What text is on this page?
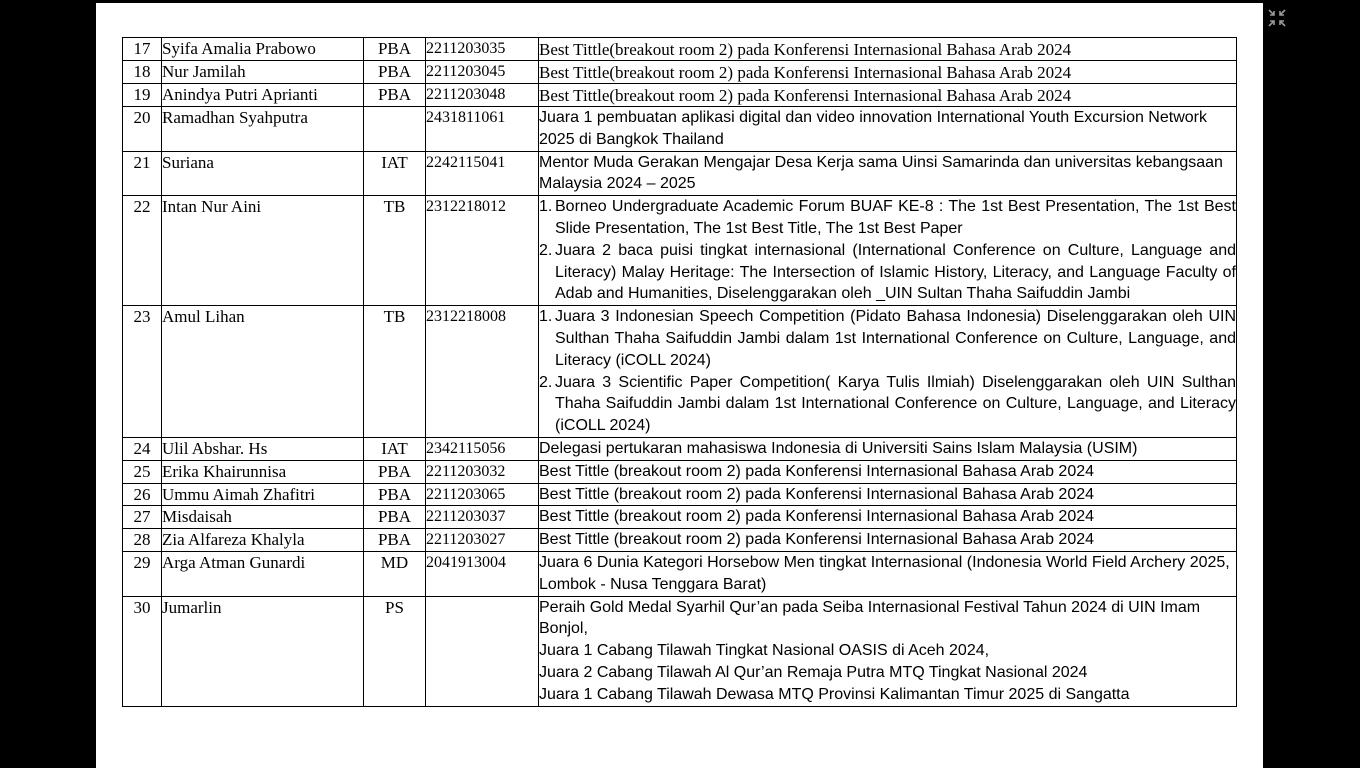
17	Syifa Amalia Prabowo	PBA	2211203035	Best Tittle(breakout room 2) pada Konferensi Internasional Bahasa Arab 2024

18	Nur Jamilah	PBA	2211203045	Best Tittle(breakout room 2) pada Konferensi Internasional Bahasa Arab 2024

19	Anindya Putri Aprianti	PBA	2211203048	Best Tittle(breakout room 2) pada Konferensi Internasional Bahasa Arab 2024

20	Ramadhan Syahputra		2431811061	Juara 1 pembuatan aplikasi digital dan video innovation International Youth Excursion Network 2025 di Bangkok Thailand

21	Suriana	IAT	2242115041	Mentor Muda Gerakan Mengajar Desa Kerja sama Uinsi Samarinda dan universitas kebangsaan Malaysia 2024 – 2025

22	Intan Nur Aini	TB	2312218012	1. Borneo Undergraduate Academic Forum BUAF KE-8 : The 1st Best Presentation, The 1st Best Slide Presentation, The 1st Best Title, The 1st Best Paper
2. Juara 2 baca puisi tingkat internasional (International Conference on Culture, Language and Literacy) Malay Heritage: The Intersection of Islamic History, Literacy, and Language Faculty of Adab and Humanities, Diselenggarakan oleh _UIN Sultan Thaha Saifuddin Jambi

23	Amul Lihan	TB	2312218008	1. Juara 3 Indonesian Speech Competition (Pidato Bahasa Indonesia) Diselenggarakan oleh UIN Sulthan Thaha Saifuddin Jambi dalam 1st International Conference on Culture, Language, and Literacy (iCOLL 2024)
2. Juara 3 Scientific Paper Competition( Karya Tulis Ilmiah) Diselenggarakan oleh UIN Sulthan Thaha Saifuddin Jambi dalam 1st International Conference on Culture, Language, and Literacy (iCOLL 2024)

24	Ulil Abshar. Hs	IAT	2342115056	Delegasi pertukaran mahasiswa Indonesia di Universiti Sains Islam Malaysia (USIM)

25	Erika Khairunnisa	PBA	2211203032	Best Tittle (breakout room 2) pada Konferensi Internasional Bahasa Arab 2024

26	Ummu Aimah Zhafitri	PBA	2211203065	Best Tittle (breakout room 2) pada Konferensi Internasional Bahasa Arab 2024

27	Misdaisah	PBA	2211203037	Best Tittle (breakout room 2) pada Konferensi Internasional Bahasa Arab 2024

28	Zia Alfareza Khalyla	PBA	2211203027	Best Tittle (breakout room 2) pada Konferensi Internasional Bahasa Arab 2024

29	Arga Atman Gunardi	MD	2041913004	Juara 6 Dunia Kategori Horsebow Men tingkat Internasional (Indonesia World Field Archery 2025, Lombok - Nusa Tenggara Barat)

30	Jumarlin	PS		Peraih Gold Medal Syarhil Qur’an pada Seiba Internasional Festival Tahun 2024 di UIN Imam Bonjol,
Juara 1 Cabang Tilawah Tingkat Nasional OASIS di Aceh 2024,
Juara 2 Cabang Tilawah Al Qur’an Remaja Putra MTQ Tingkat Nasional 2024
Juara 1 Cabang Tilawah Dewasa MTQ Provinsi Kalimantan Timur 2025 di Sangatta
